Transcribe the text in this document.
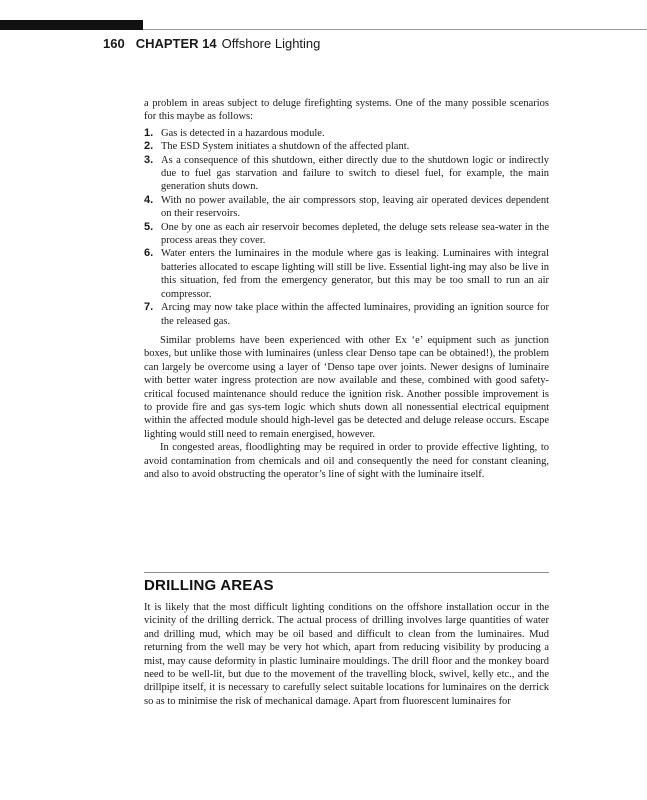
160 CHAPTER 14 Offshore Lighting

a problem in areas subject to deluge firefighting systems. One of the many possible scenarios for this maybe as follows:

1. Gas is detected in a hazardous module.
2. The ESD System initiates a shutdown of the affected plant.
3. As a consequence of this shutdown, either directly due to the shutdown logic or indirectly due to fuel gas starvation and failure to switch to diesel fuel, for example, the main generation shuts down.
4. With no power available, the air compressors stop, leaving air operated devices dependent on their reservoirs.
5. One by one as each air reservoir becomes depleted, the deluge sets release sea-water in the process areas they cover.
6. Water enters the luminaires in the module where gas is leaking. Luminaires with integral batteries allocated to escape lighting will still be live. Essential light-ing may also be live in this situation, fed from the emergency generator, but this may be too small to run an air compressor.
7. Arcing may now take place within the affected luminaires, providing an ignition source for the released gas.

Similar problems have been experienced with other Ex ‘e’ equipment such as junction boxes, but unlike those with luminaires (unless clear Denso tape can be obtained!), the problem can largely be overcome using a layer of ‘Denso tape over joints. Newer designs of luminaire with better water ingress protection are now available and these, combined with good safety-critical focused maintenance should reduce the ignition risk. Another possible improvement is to provide fire and gas sys-tem logic which shuts down all nonessential electrical equipment within the affected module should high-level gas be detected and deluge release occurs. Escape lighting would still need to remain energised, however.

In congested areas, floodlighting may be required in order to provide effective lighting, to avoid contamination from chemicals and oil and consequently the need for constant cleaning, and also to avoid obstructing the operator’s line of sight with the luminaire itself.

DRILLING AREAS

It is likely that the most difficult lighting conditions on the offshore installation occur in the vicinity of the drilling derrick. The actual process of drilling involves large quantities of water and drilling mud, which may be oil based and difficult to clean from the luminaires. Mud returning from the well may be very hot which, apart from reducing visibility by producing a mist, may cause deformity in plastic luminaire mouldings. The drill floor and the monkey board need to be well-lit, but due to the movement of the travelling block, swivel, kelly etc., and the drillpipe itself, it is necessary to carefully select suitable locations for luminaires on the derrick so as to minimise the risk of mechanical damage. Apart from fluorescent luminaires for
